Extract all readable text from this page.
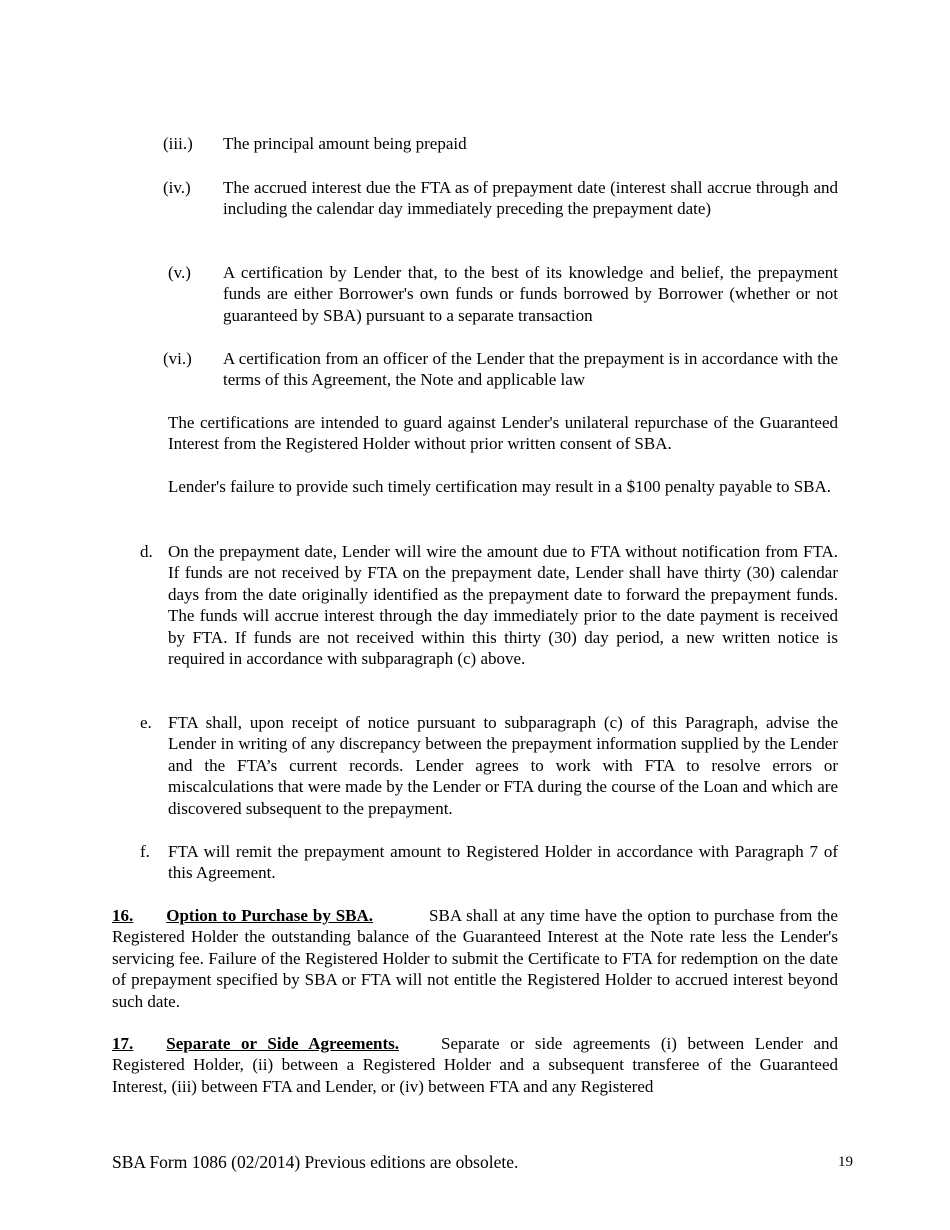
(iii.) The principal amount being prepaid
(iv.) The accrued interest due the FTA as of prepayment date (interest shall accrue through and including the calendar day immediately preceding the prepayment date)
(v.) A certification by Lender that, to the best of its knowledge and belief, the prepayment funds are either Borrower's own funds or funds borrowed by Borrower (whether or not guaranteed by SBA) pursuant to a separate transaction
(vi.) A certification from an officer of the Lender that the prepayment is in accordance with the terms of this Agreement, the Note and applicable law
The certifications are intended to guard against Lender's unilateral repurchase of the Guaranteed Interest from the Registered Holder without prior written consent of SBA.
Lender's failure to provide such timely certification may result in a $100 penalty payable to SBA.
d. On the prepayment date, Lender will wire the amount due to FTA without notification from FTA. If funds are not received by FTA on the prepayment date, Lender shall have thirty (30) calendar days from the date originally identified as the prepayment date to forward the prepayment funds. The funds will accrue interest through the day immediately prior to the date payment is received by FTA. If funds are not received within this thirty (30) day period, a new written notice is required in accordance with subparagraph (c) above.
e. FTA shall, upon receipt of notice pursuant to subparagraph (c) of this Paragraph, advise the Lender in writing of any discrepancy between the prepayment information supplied by the Lender and the FTA’s current records. Lender agrees to work with FTA to resolve errors or miscalculations that were made by the Lender or FTA during the course of the Loan and which are discovered subsequent to the prepayment.
f. FTA will remit the prepayment amount to Registered Holder in accordance with Paragraph 7 of this Agreement.
16. Option to Purchase by SBA.	SBA shall at any time have the option to purchase from the Registered Holder the outstanding balance of the Guaranteed Interest at the Note rate less the Lender's servicing fee. Failure of the Registered Holder to submit the Certificate to FTA for redemption on the date of prepayment specified by SBA or FTA will not entitle the Registered Holder to accrued interest beyond such date.
17. Separate or Side Agreements. Separate or side agreements (i) between Lender and Registered Holder, (ii) between a Registered Holder and a subsequent transferee of the Guaranteed Interest, (iii) between FTA and Lender, or (iv) between FTA and any Registered
SBA Form 1086 (02/2014) Previous editions are obsolete.	19
